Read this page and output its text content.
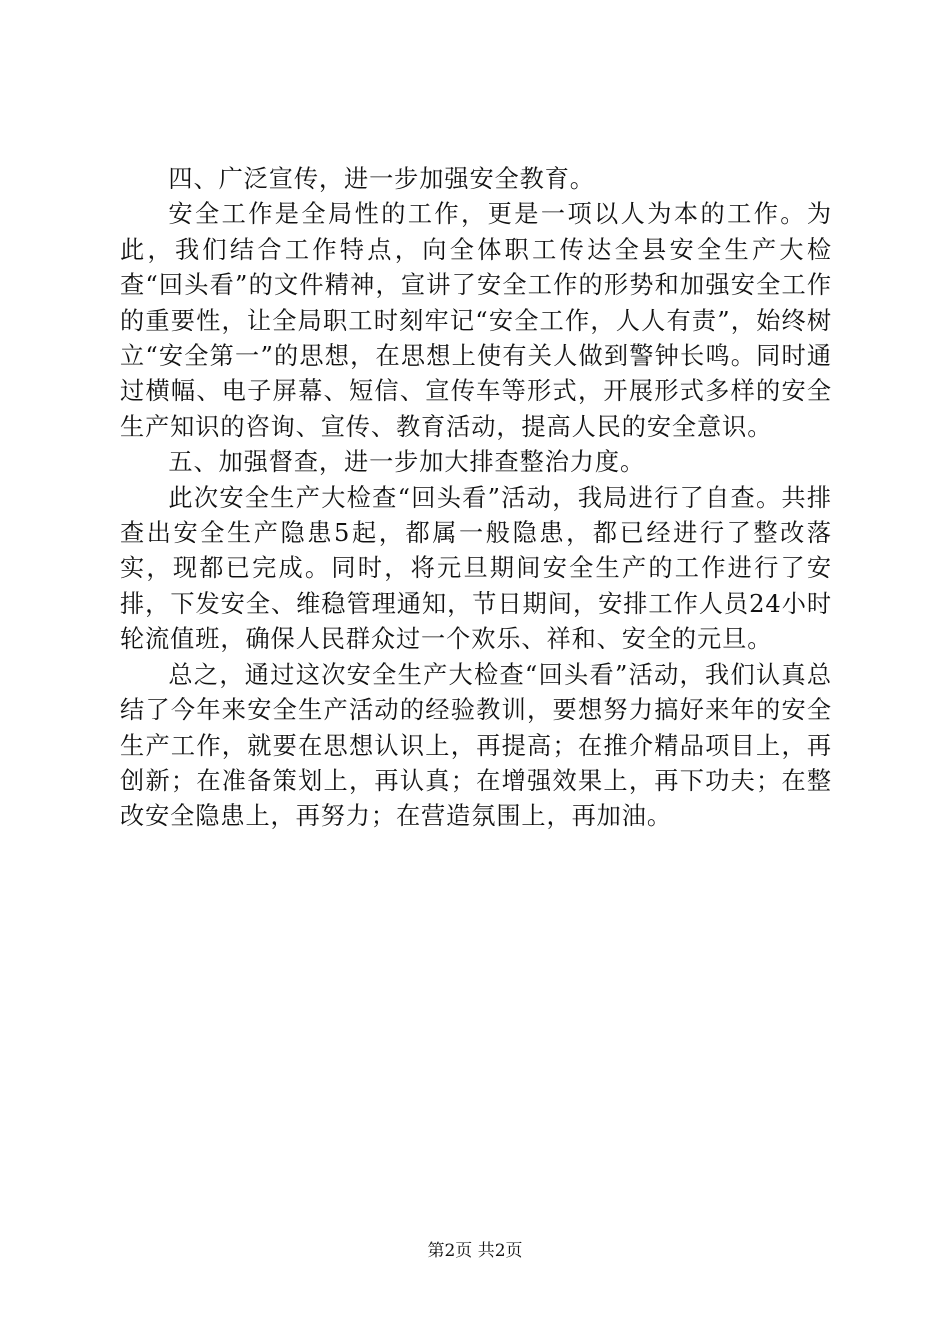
四、广泛宣传，进一步加强安全教育。

安全工作是全局性的工作，更是一项以人为本的工作。为此，我们结合工作特点，向全体职工传达全县安全生产大检查“回头看”的文件精神，宣讲了安全工作的形势和加强安全工作的重要性，让全局职工时刻牢记“安全工作，人人有责”，始终树立“安全第一”的思想，在思想上使有关人做到警钟长鸣。同时通过横幅、电子屏幕、短信、宣传车等形式，开展形式多样的安全生产知识的咨询、宣传、教育活动，提高人民的安全意识。

五、加强督查，进一步加大排查整治力度。

此次安全生产大检查“回头看”活动，我局进行了自查。共排查出安全生产隐患5起，都属一般隐患，都已经进行了整改落实，现都已完成。同时，将元旦期间安全生产的工作进行了安排，下发安全、维稳管理通知，节日期间，安排工作人员24小时轮流值班，确保人民群众过一个欢乐、祥和、安全的元旦。

总之，通过这次安全生产大检查“回头看”活动，我们认真总结了今年来安全生产活动的经验教训，要想努力搞好来年的安全生产工作，就要在思想认识上，再提高；在推介精品项目上，再创新；在准备策划上，再认真；在增强效果上，再下功夫；在整改安全隐患上，再努力；在营造氛围上，再加油。

第2页 共2页
